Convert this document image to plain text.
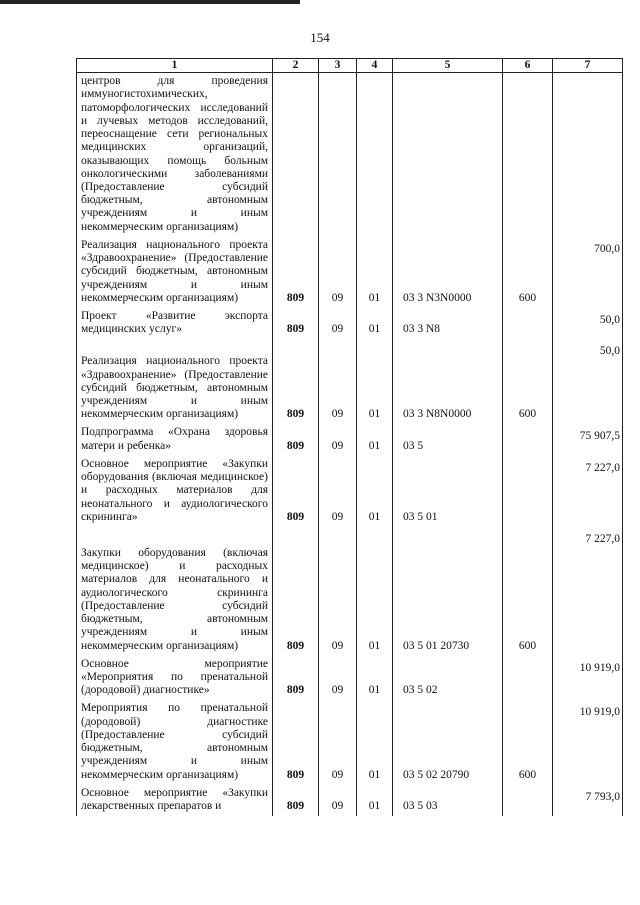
154
1	2	3	4	5	6	7
центров для проведения иммуногистохимических, патоморфологических исследований и лучевых методов исследований, переоснащение сети региональных медицинских организаций, оказывающих помощь больным онкологическими заболеваниями (Предоставление субсидий бюджетным, автономным учреждениям и иным некоммерческим организациям)						
Реализация национального проекта «Здравоохранение» (Предоставление субсидий бюджетным, автономным учреждениям и иным некоммерческим организациям)	809	09	01	03 3 N3N0000	600	700,0
Проект «Развитие экспорта медицинских услуг»	809	09	01	03 3 N8		50,0
Реализация национального проекта «Здравоохранение» (Предоставление субсидий бюджетным, автономным учреждениям и иным некоммерческим организациям)	809	09	01	03 3 N8N0000	600	50,0
Подпрограмма «Охрана здоровья матери и ребенка»	809	09	01	03 5		75 907,5
Основное мероприятие «Закупки оборудования (включая медицинское) и расходных материалов для неонатального и аудиологического скрининга»	809	09	01	03 5 01		7 227,0
Закупки оборудования (включая медицинское) и расходных материалов для неонатального и аудиологического скрининга (Предоставление субсидий бюджетным, автономным учреждениям и иным некоммерческим организациям)	809	09	01	03 5 01 20730	600	7 227,0
Основное мероприятие «Мероприятия по пренатальной (дородовой) диагностике»	809	09	01	03 5 02		10 919,0
Мероприятия по пренатальной (дородовой) диагностике (Предоставление субсидий бюджетным, автономным учреждениям и иным некоммерческим организациям)	809	09	01	03 5 02 20790	600	10 919,0
Основное мероприятие «Закупки лекарственных препаратов и	809	09	01	03 5 03		7 793,0
